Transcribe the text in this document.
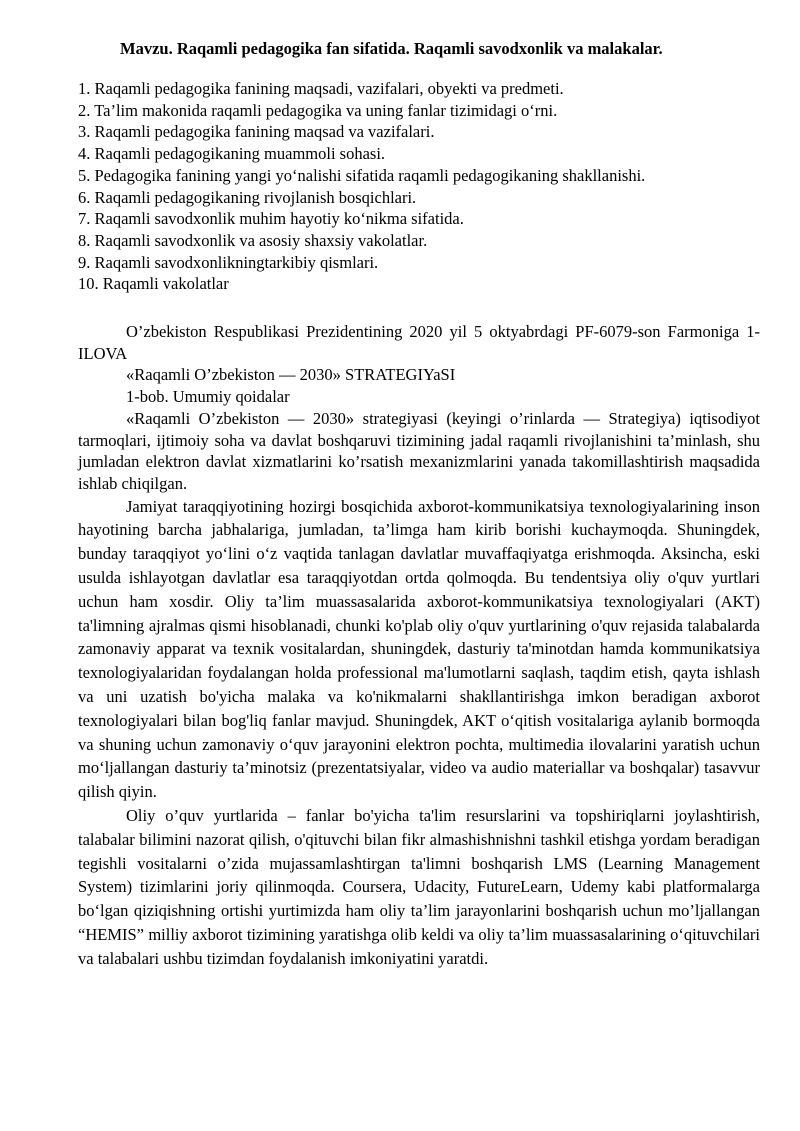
Mavzu. Raqamli pedagogika fan sifatida. Raqamli savodxonlik va malakalar.
1. Raqamli pedagogika fanining maqsadi, vazifalari, obyekti va predmeti.
2. Ta’lim makonida raqamli pedagogika va uning fanlar tizimidagi o‘rni.
3. Raqamli pedagogika fanining maqsad va vazifalari.
4. Raqamli pedagogikaning muammoli sohasi.
5. Pedagogika fanining yangi yo‘nalishi sifatida raqamli pedagogikaning shakllanishi.
6. Raqamli pedagogikaning rivojlanish bosqichlari.
7. Raqamli savodxonlik muhim hayotiy ko‘nikma sifatida.
8. Raqamli savodxonlik va asosiy shaxsiy vakolatlar.
9. Raqamli savodxonlikningtarkibiy qismlari.
10. Raqamli vakolatlar

O’zbekiston Respublikasi Prezidentining 2020 yil 5 oktyabrdagi PF-6079-son Farmoniga 1-ILOVA

«Raqamli O’zbekiston — 2030» STRATEGIYaSI

1-bob. Umumiy qoidalar

«Raqamli O’zbekiston — 2030» strategiyasi (keyingi o’rinlarda — Strategiya) iqtisodiyot tarmoqlari, ijtimoiy soha va davlat boshqaruvi tizimining jadal raqamli rivojlanishini ta’minlash, shu jumladan elektron davlat xizmatlarini ko’rsatish mexanizmlarini yanada takomillashtirish maqsadida ishlab chiqilgan.

Jamiyat taraqqiyotining hozirgi bosqichida axborot-kommunikatsiya texnologiyalarining inson hayotining barcha jabhalariga, jumladan, ta’limga ham kirib borishi kuchaymoqda. Shuningdek, bunday taraqqiyot yo‘lini o‘z vaqtida tanlagan davlatlar muvaffaqiyatga erishmoqda. Aksincha, eski usulda ishlayotgan davlatlar esa taraqqiyotdan ortda qolmoqda. Bu tendentsiya oliy o'quv yurtlari uchun ham xosdir. Oliy ta’lim muassasalarida axborot-kommunikatsiya texnologiyalari (AKT) ta'limning ajralmas qismi hisoblanadi, chunki ko'plab oliy o'quv yurtlarining o'quv rejasida talabalarda zamonaviy apparat va texnik vositalardan, shuningdek, dasturiy ta'minotdan hamda kommunikatsiya texnologiyalaridan foydalangan holda professional ma'lumotlarni saqlash, taqdim etish, qayta ishlash va uni uzatish bo'yicha malaka va ko'nikmalarni shakllantirishga imkon beradigan axborot texnologiyalari bilan bog'liq fanlar mavjud. Shuningdek, AKT o‘qitish vositalariga aylanib bormoqda va shuning uchun zamonaviy o‘quv jarayonini elektron pochta, multimedia ilovalarini yaratish uchun mo‘ljallangan dasturiy ta’minotsiz (prezentatsiyalar, video va audio materiallar va boshqalar) tasavvur qilish qiyin.

Oliy o’quv yurtlarida – fanlar bo'yicha ta'lim resurslarini va topshiriqlarni joylashtirish, talabalar bilimini nazorat qilish, o'qituvchi bilan fikr almashishnishni tashkil etishga yordam beradigan tegishli vositalarni o’zida mujassamlashtirgan ta'limni boshqarish LMS (Learning Management System) tizimlarini joriy qilinmoqda. Coursera, Udacity, FutureLearn, Udemy kabi platformalarga bo‘lgan qiziqishning ortishi yurtimizda ham oliy ta’lim jarayonlarini boshqarish uchun mo’ljallangan “HEMIS” milliy axborot tizimining yaratishga olib keldi va oliy ta’lim muassasalarining o‘qituvchilari va talabalari ushbu tizimdan foydalanish imkoniyatini yaratdi.
